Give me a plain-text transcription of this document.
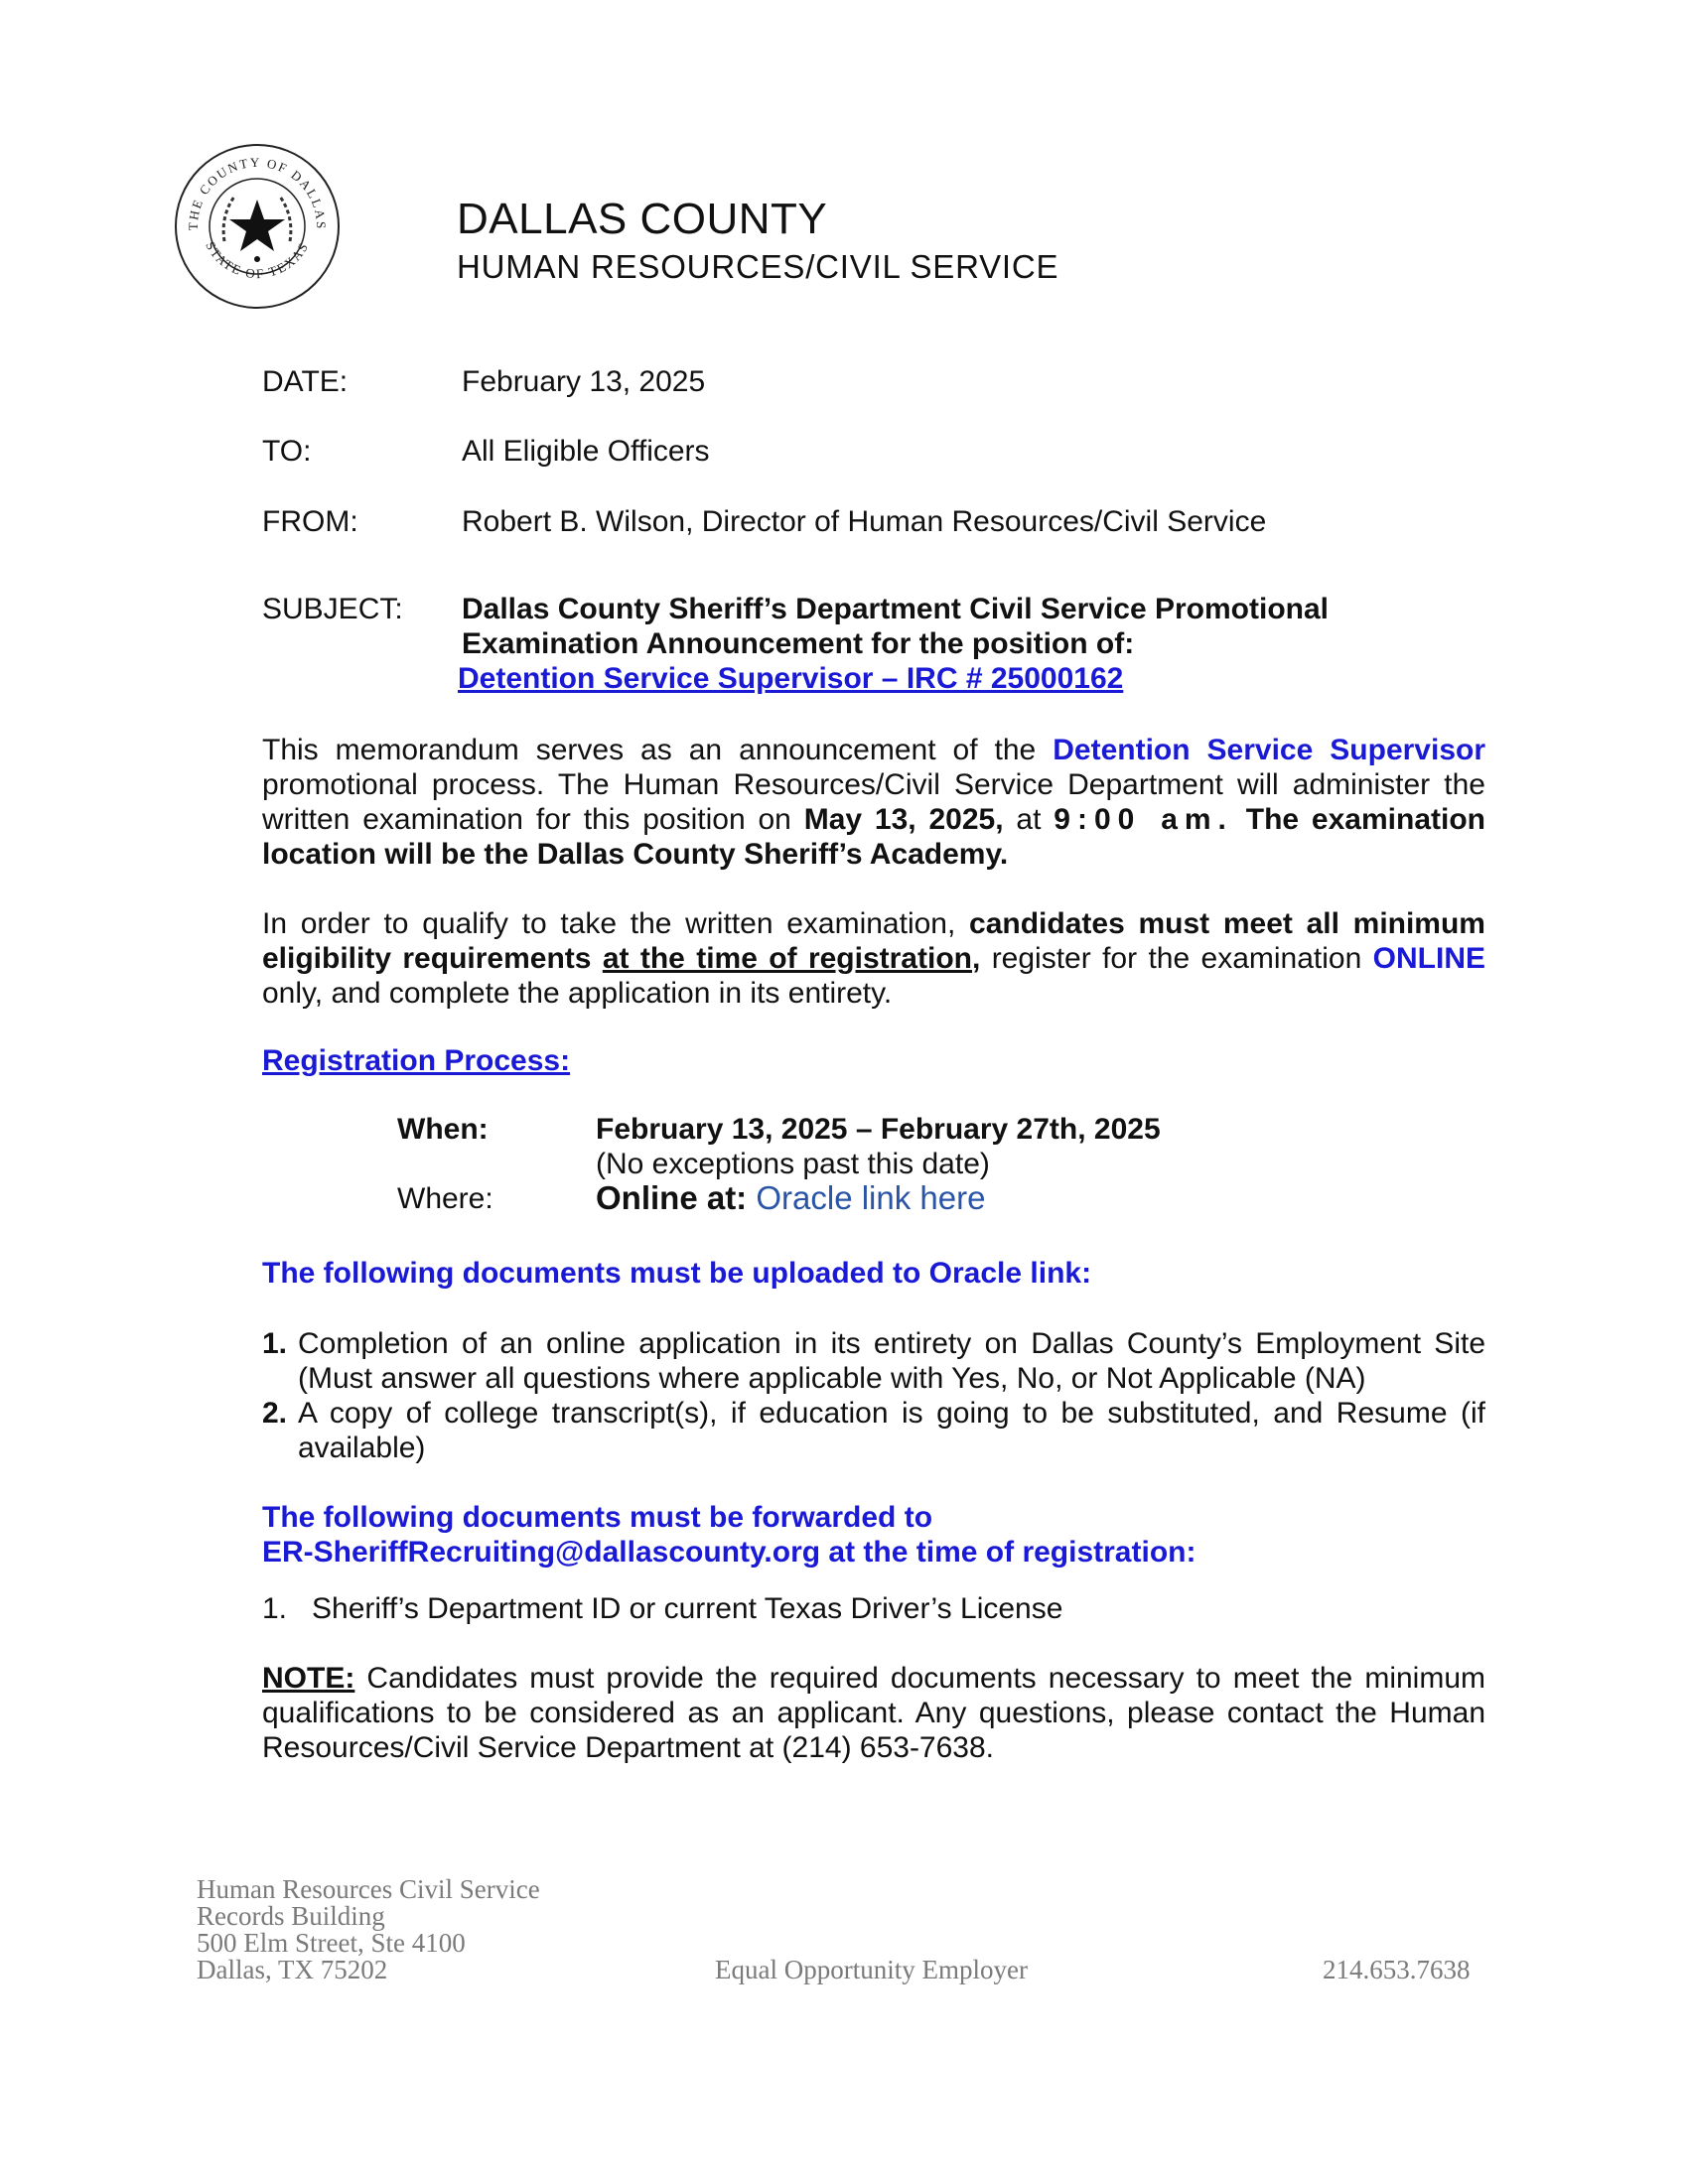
THE COUNTY OF DALLAS
STATE OF TEXAS
DALLAS COUNTY
HUMAN RESOURCES/CIVIL SERVICE
DATE:	February 13, 2025
TO:	All Eligible Officers
FROM:	Robert B. Wilson, Director of Human Resources/Civil Service
SUBJECT: Dallas County Sheriff’s Department Civil Service Promotional
Examination Announcement for the position of:
Detention Service Supervisor – IRC # 25000162
This memorandum serves as an announcement of the Detention Service Supervisor promotional process. The Human Resources/Civil Service Department will administer the written examination for this position on May 13, 2025, at 9:00 am. The examination location will be the Dallas County Sheriff’s Academy.
In order to qualify to take the written examination, candidates must meet all minimum eligibility requirements at the time of registration, register for the examination ONLINE only, and complete the application in its entirety.
Registration Process:
When:	February 13, 2025 – February 27th, 2025
(No exceptions past this date)
Where:	Online at: Oracle link here
The following documents must be uploaded to Oracle link:
1. Completion of an online application in its entirety on Dallas County’s Employment Site (Must answer all questions where applicable with Yes, No, or Not Applicable (NA)
2. A copy of college transcript(s), if education is going to be substituted, and Resume (if available)
The following documents must be forwarded to
ER-SheriffRecruiting@dallascounty.org at the time of registration:
1. Sheriff’s Department ID or current Texas Driver’s License
NOTE: Candidates must provide the required documents necessary to meet the minimum qualifications to be considered as an applicant. Any questions, please contact the Human Resources/Civil Service Department at (214) 653-7638.
Human Resources Civil Service
Records Building
500 Elm Street, Ste 4100
Dallas, TX 75202	Equal Opportunity Employer	214.653.7638
